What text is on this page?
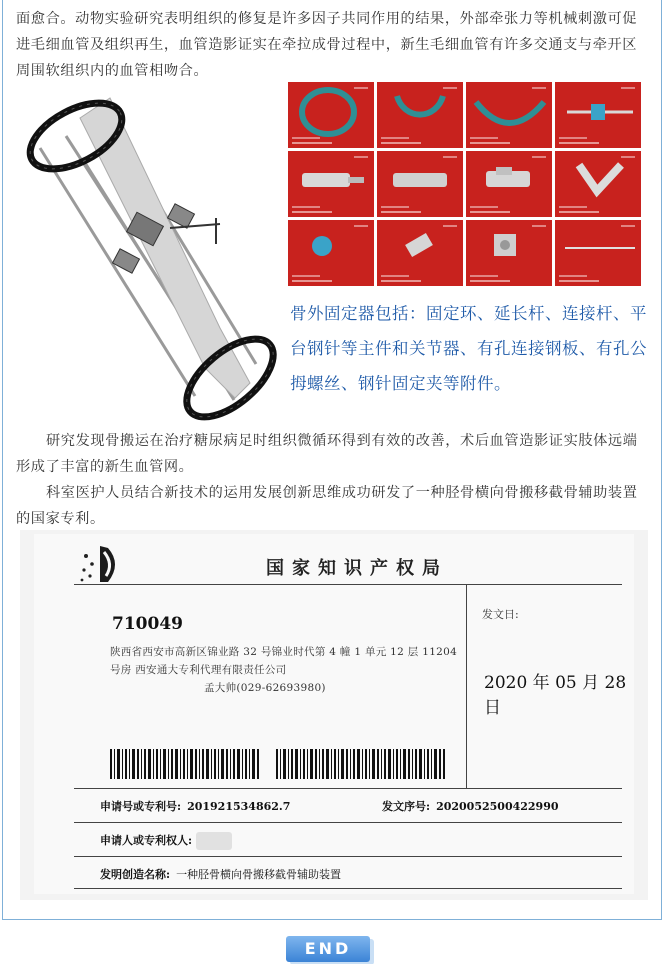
面愈合。动物实验研究表明组织的修复是许多因子共同作用的结果，外部牵张力等机械刺激可促进毛细血管及组织再生，血管造影证实在牵拉成骨过程中，新生毛细血管有许多交通支与牵开区周围软组织内的血管相吻合。

骨外固定器包括：固定环、延长杆、连接杆、平台钢针等主件和关节器、有孔连接钢板、有孔公拇螺丝、钢针固定夹等附件。

研究发现骨搬运在治疗糖尿病足时组织微循环得到有效的改善，术后血管造影证实肢体远端形成了丰富的新生血管网。

科室医护人员结合新技术的运用发展创新思维成功研发了一种胫骨横向骨搬移截骨辅助装置的国家专利。

国家知识产权局
710049
陕西省西安市高新区锦业路 32 号锦业时代第 4 幢 1 单元 12 层 11204
号房 西安通大专利代理有限责任公司
孟大帅(029-62693980)
发文日:
2020 年 05 月 28 日
申请号或专利号: 201921534862.7	发文序号: 2020052500422990
申请人或专利权人:
发明创造名称: 一种胫骨横向骨搬移截骨辅助装置
END
